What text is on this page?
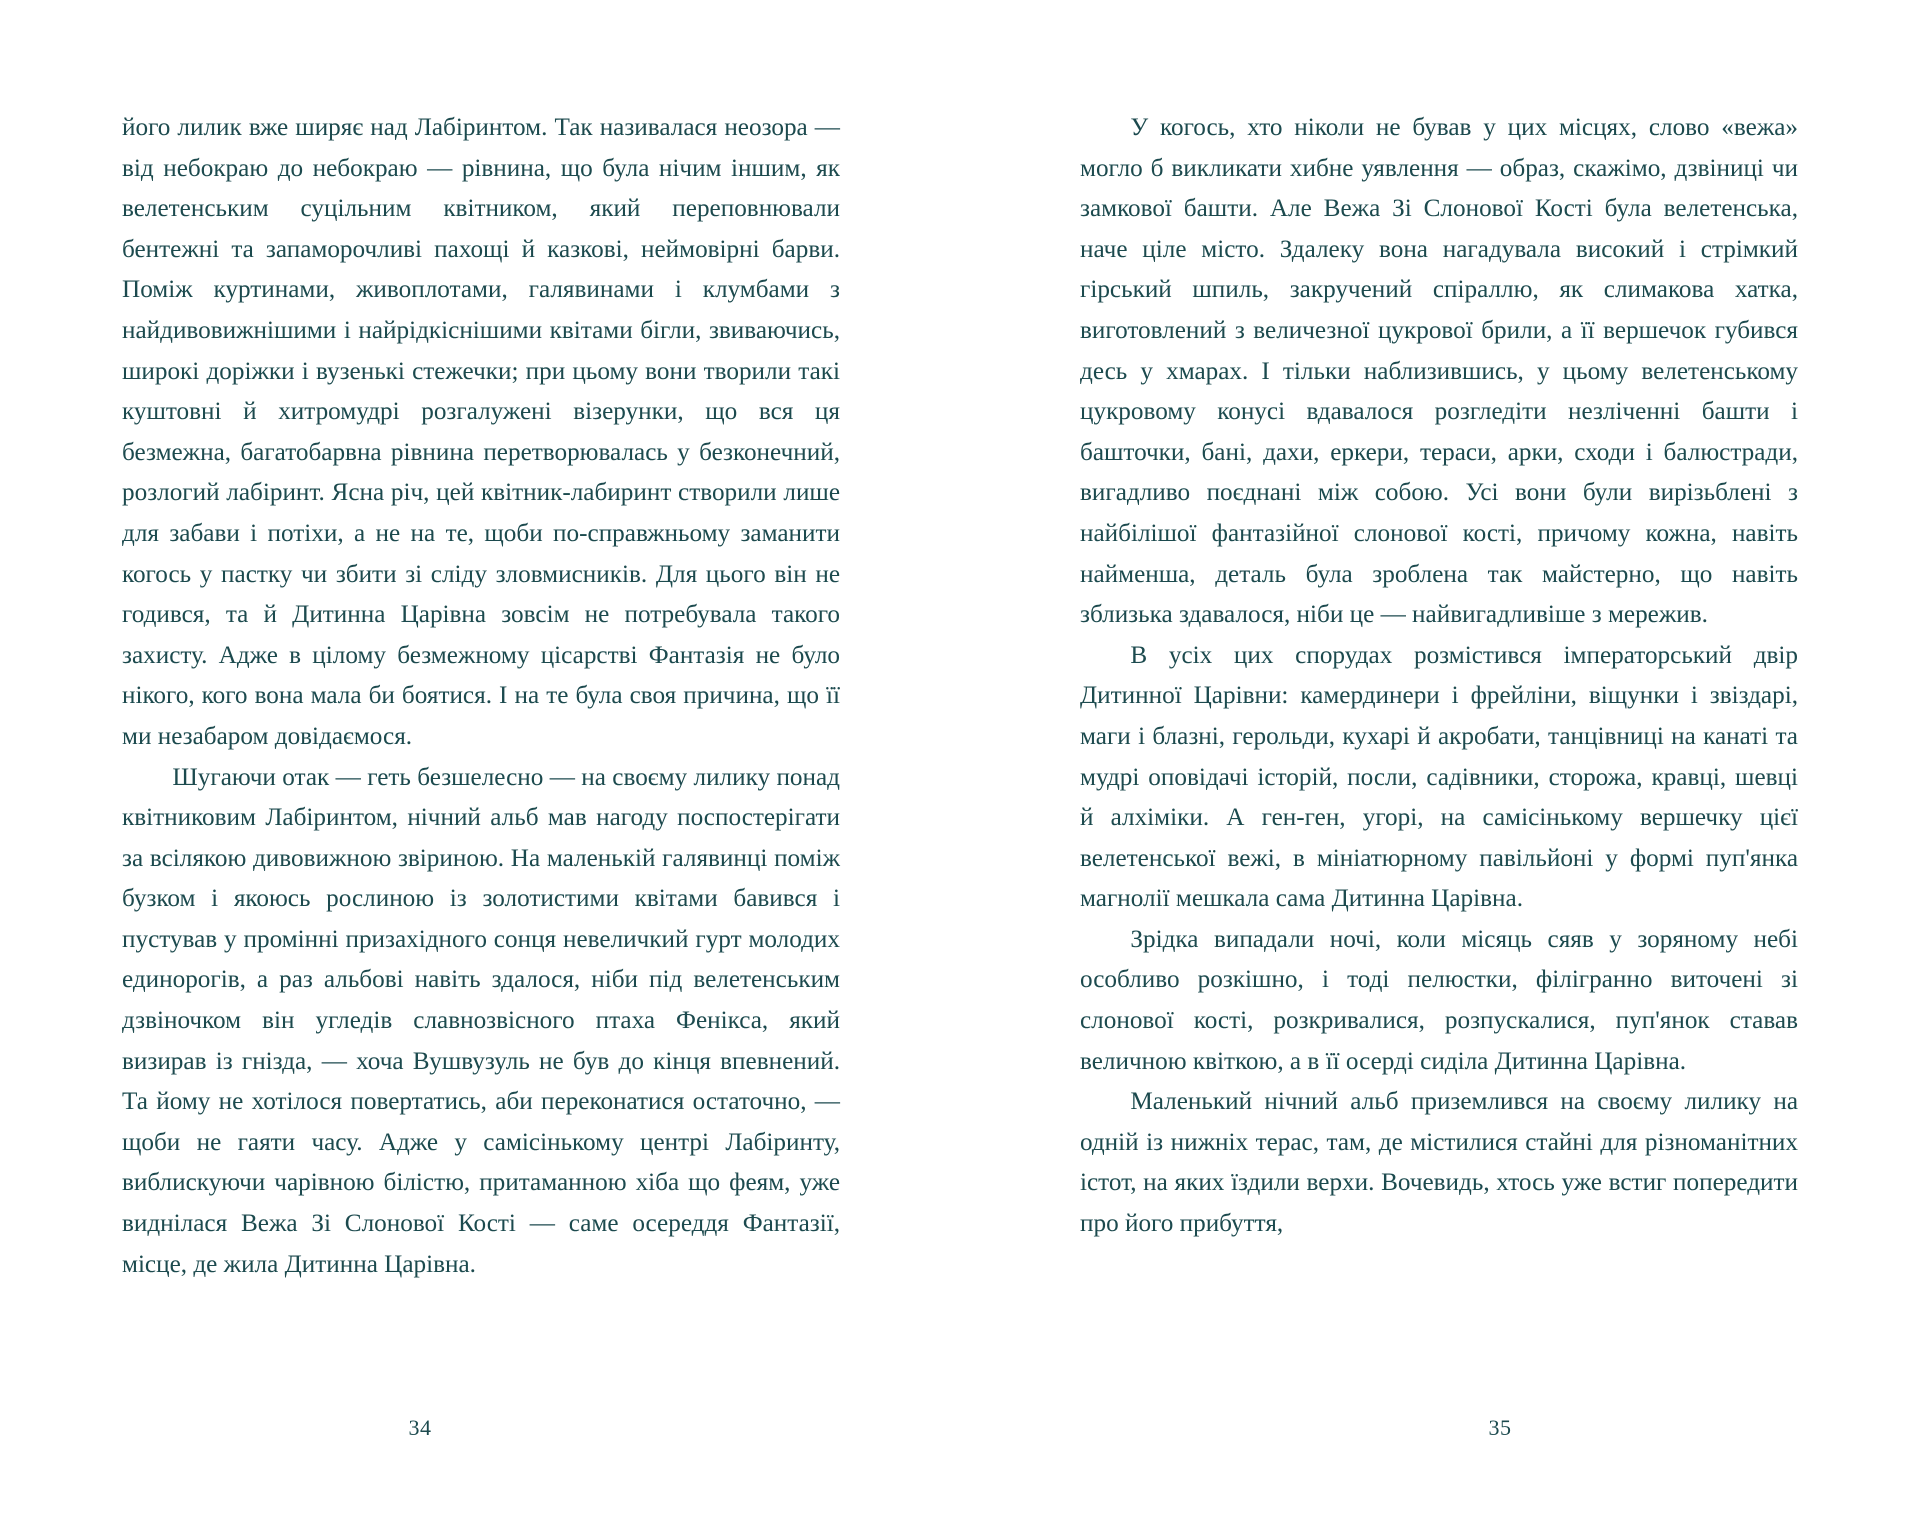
його лилик вже ширяє над Лабіринтом. Так називалася неозора — від небокраю до небокраю — рівнина, що була нічим іншим, як велетенським суцільним квітником, який переповнювали бентежні та запаморочливі пахощі й казкові, неймовірні барви. Поміж куртинами, живоплотами, галявинами і клумбами з найдивовижнішими і найрідкіснішими квітами бігли, звиваючись, широкі доріжки і вузенькі стежечки; при цьому вони творили такі куштовні й хитромудрі розгалужені візерунки, що вся ця безмежна, багатобарвна рівнина перетворювалась у безконечний, розлогий лабіринт. Ясна річ, цей квітник-лабиринт створили лише для забави і потіхи, а не на те, щоби по-справжньому заманити когось у пастку чи збити зі сліду зловмисників. Для цього він не годився, та й Дитинна Царівна зовсім не потребувала такого захисту. Адже в цілому безмежному цісарстві Фантазія не було нікого, кого вона мала би боятися. І на те була своя причина, що її ми незабаром довідаємося.

Шугаючи отак — геть безшелесно — на своєму лилику понад квітниковим Лабіринтом, нічний альб мав нагоду поспостерігати за всілякою дивовижною звіриною. На маленькій галявинці поміж бузком і якоюсь рослиною із золотистими квітами бавився і пустував у промінні призахідного сонця невеличкий гурт молодих единорогів, а раз альбові навіть здалося, ніби під велетенським дзвіночком він угледів славнозвісного птаха Фенікса, який визирав із гнізда, — хоча Вушвузуль не був до кінця впевнений. Та йому не хотілося повертатись, аби переконатися остаточно, — щоби не гаяти часу. Адже у самісінькому центрі Лабіринту, виблискуючи чарівною білістю, притаманною хіба що феям, уже виднілася Вежа Зі Слонової Кості — саме осереддя Фантазії, місце, де жила Дитинна Царівна.

34

У когось, хто ніколи не бував у цих місцях, слово «вежа» могло б викликати хибне уявлення — образ, скажімо, дзвіниці чи замкової башти. Але Вежа Зі Слонової Кості була велетенська, наче ціле місто. Здалеку вона нагадувала високий і стрімкий гірський шпиль, закручений спіраллю, як слимакова хатка, виготовлений з величезної цукрової брили, а її вершечок губився десь у хмарах. І тільки наблизившись, у цьому велетенському цукровому конусі вдавалося розгледіти незліченні башти і башточки, бані, дахи, еркери, тераси, арки, сходи і балюстради, вигадливо поєднані між собою. Усі вони були вирізьблені з найбілішої фантазійної слонової кості, причому кожна, навіть найменша, деталь була зроблена так майстерно, що навіть зблизька здавалося, ніби це — найвигадливіше з мережив.

В усіх цих спорудах розмістився імператорський двір Дитинної Царівни: камердинери і фрейліни, віщунки і звіздарі, маги і блазні, герольди, кухарі й акробати, танцівниці на канаті та мудрі оповідачі історій, посли, садівники, сторожа, кравці, шевці й алхіміки. А ген-ген, угорі, на самісінькому вершечку цієї велетенської вежі, в мініатюрному павільйоні у формі пуп'янка магнолії мешкала сама Дитинна Царівна.

Зрідка випадали ночі, коли місяць сяяв у зоряному небі особливо розкішно, і тоді пелюстки, філігранно виточені зі слонової кості, розкривалися, розпускалися, пуп'янок ставав величною квіткою, а в її осерді сиділа Дитинна Царівна.

Маленький нічний альб приземлився на своєму лилику на одній із нижніх терас, там, де містилися стайні для різноманітних істот, на яких їздили верхи. Вочевидь, хтось уже встиг попередити про його прибуття,

35
